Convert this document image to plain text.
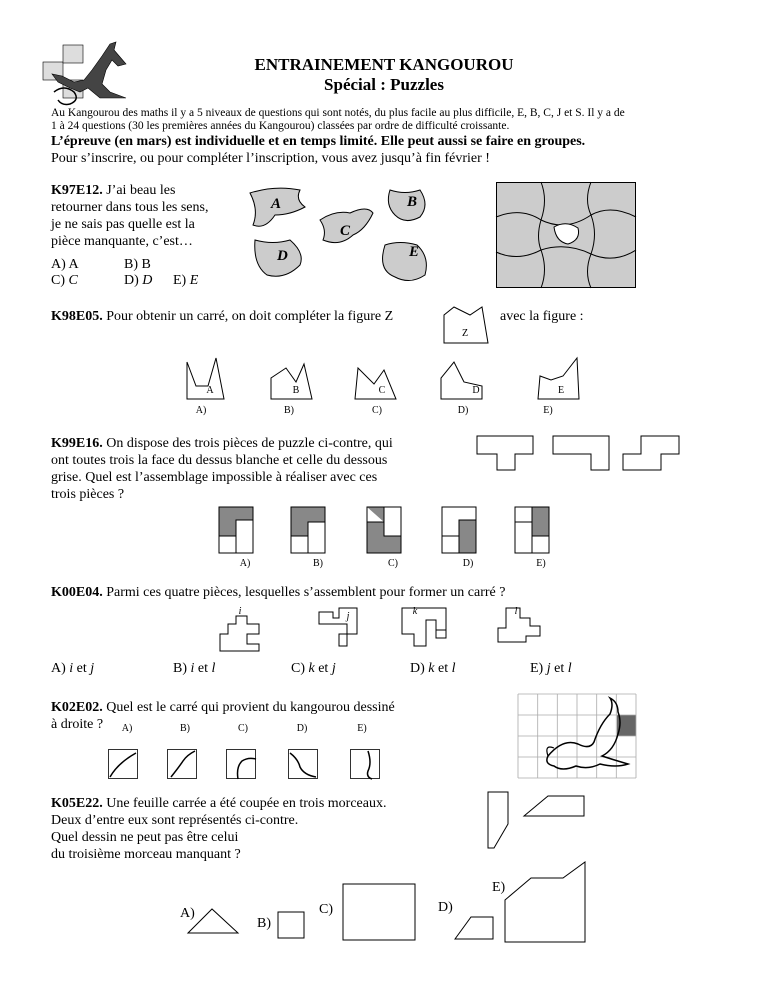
ENTRAINEMENT KANGOUROU
Spécial : Puzzles
Au Kangourou des maths il y a 5 niveaux de questions qui sont notés, du plus facile au plus difficile, E, B, C, J et S. Il y a de
1 à 24 questions (30 les premières années du Kangourou) classées par ordre de difficulté croissante.
L’épreuve (en mars) est individuelle et en temps limité. Elle peut aussi se faire en groupes.
Pour s’inscrire, ou pour compléter l’inscription, vous avez jusqu’à fin février !
K97E12. J’ai beau les
retourner dans tous les sens,
je ne sais pas quelle est la
pièce manquante, c’est…
A) A	B) B
C) C	D) D E) E
A	B
C
D	E
K98E05. Pour obtenir un carré, on doit compléter la figure Z	avec la figure :
Z
A	B	C	D	E
A)	B)	C)	D)	E)
K99E16. On dispose des trois pièces de puzzle ci-contre, qui
ont toutes trois la face du dessus blanche et celle du dessous
grise. Quel est l’assemblage impossible à réaliser avec ces
trois pièces ?
A)	B)	C)	D)	E)
K00E04. Parmi ces quatre pièces, lesquelles s’assemblent pour former un carré ?
i	j	k	l
A) i et j	B) i et l	C) k et j	D) k et l	E) j et l
K02E02. Quel est le carré qui provient du kangourou dessiné
à droite ?	A)	B)	C)	D)	E)
K05E22. Une feuille carrée a été coupée en trois morceaux.
Deux d’entre eux sont représentés ci-contre.
Quel dessin ne peut pas être celui
du troisième morceau manquant ?
A)
B)
C)	D)
E)
